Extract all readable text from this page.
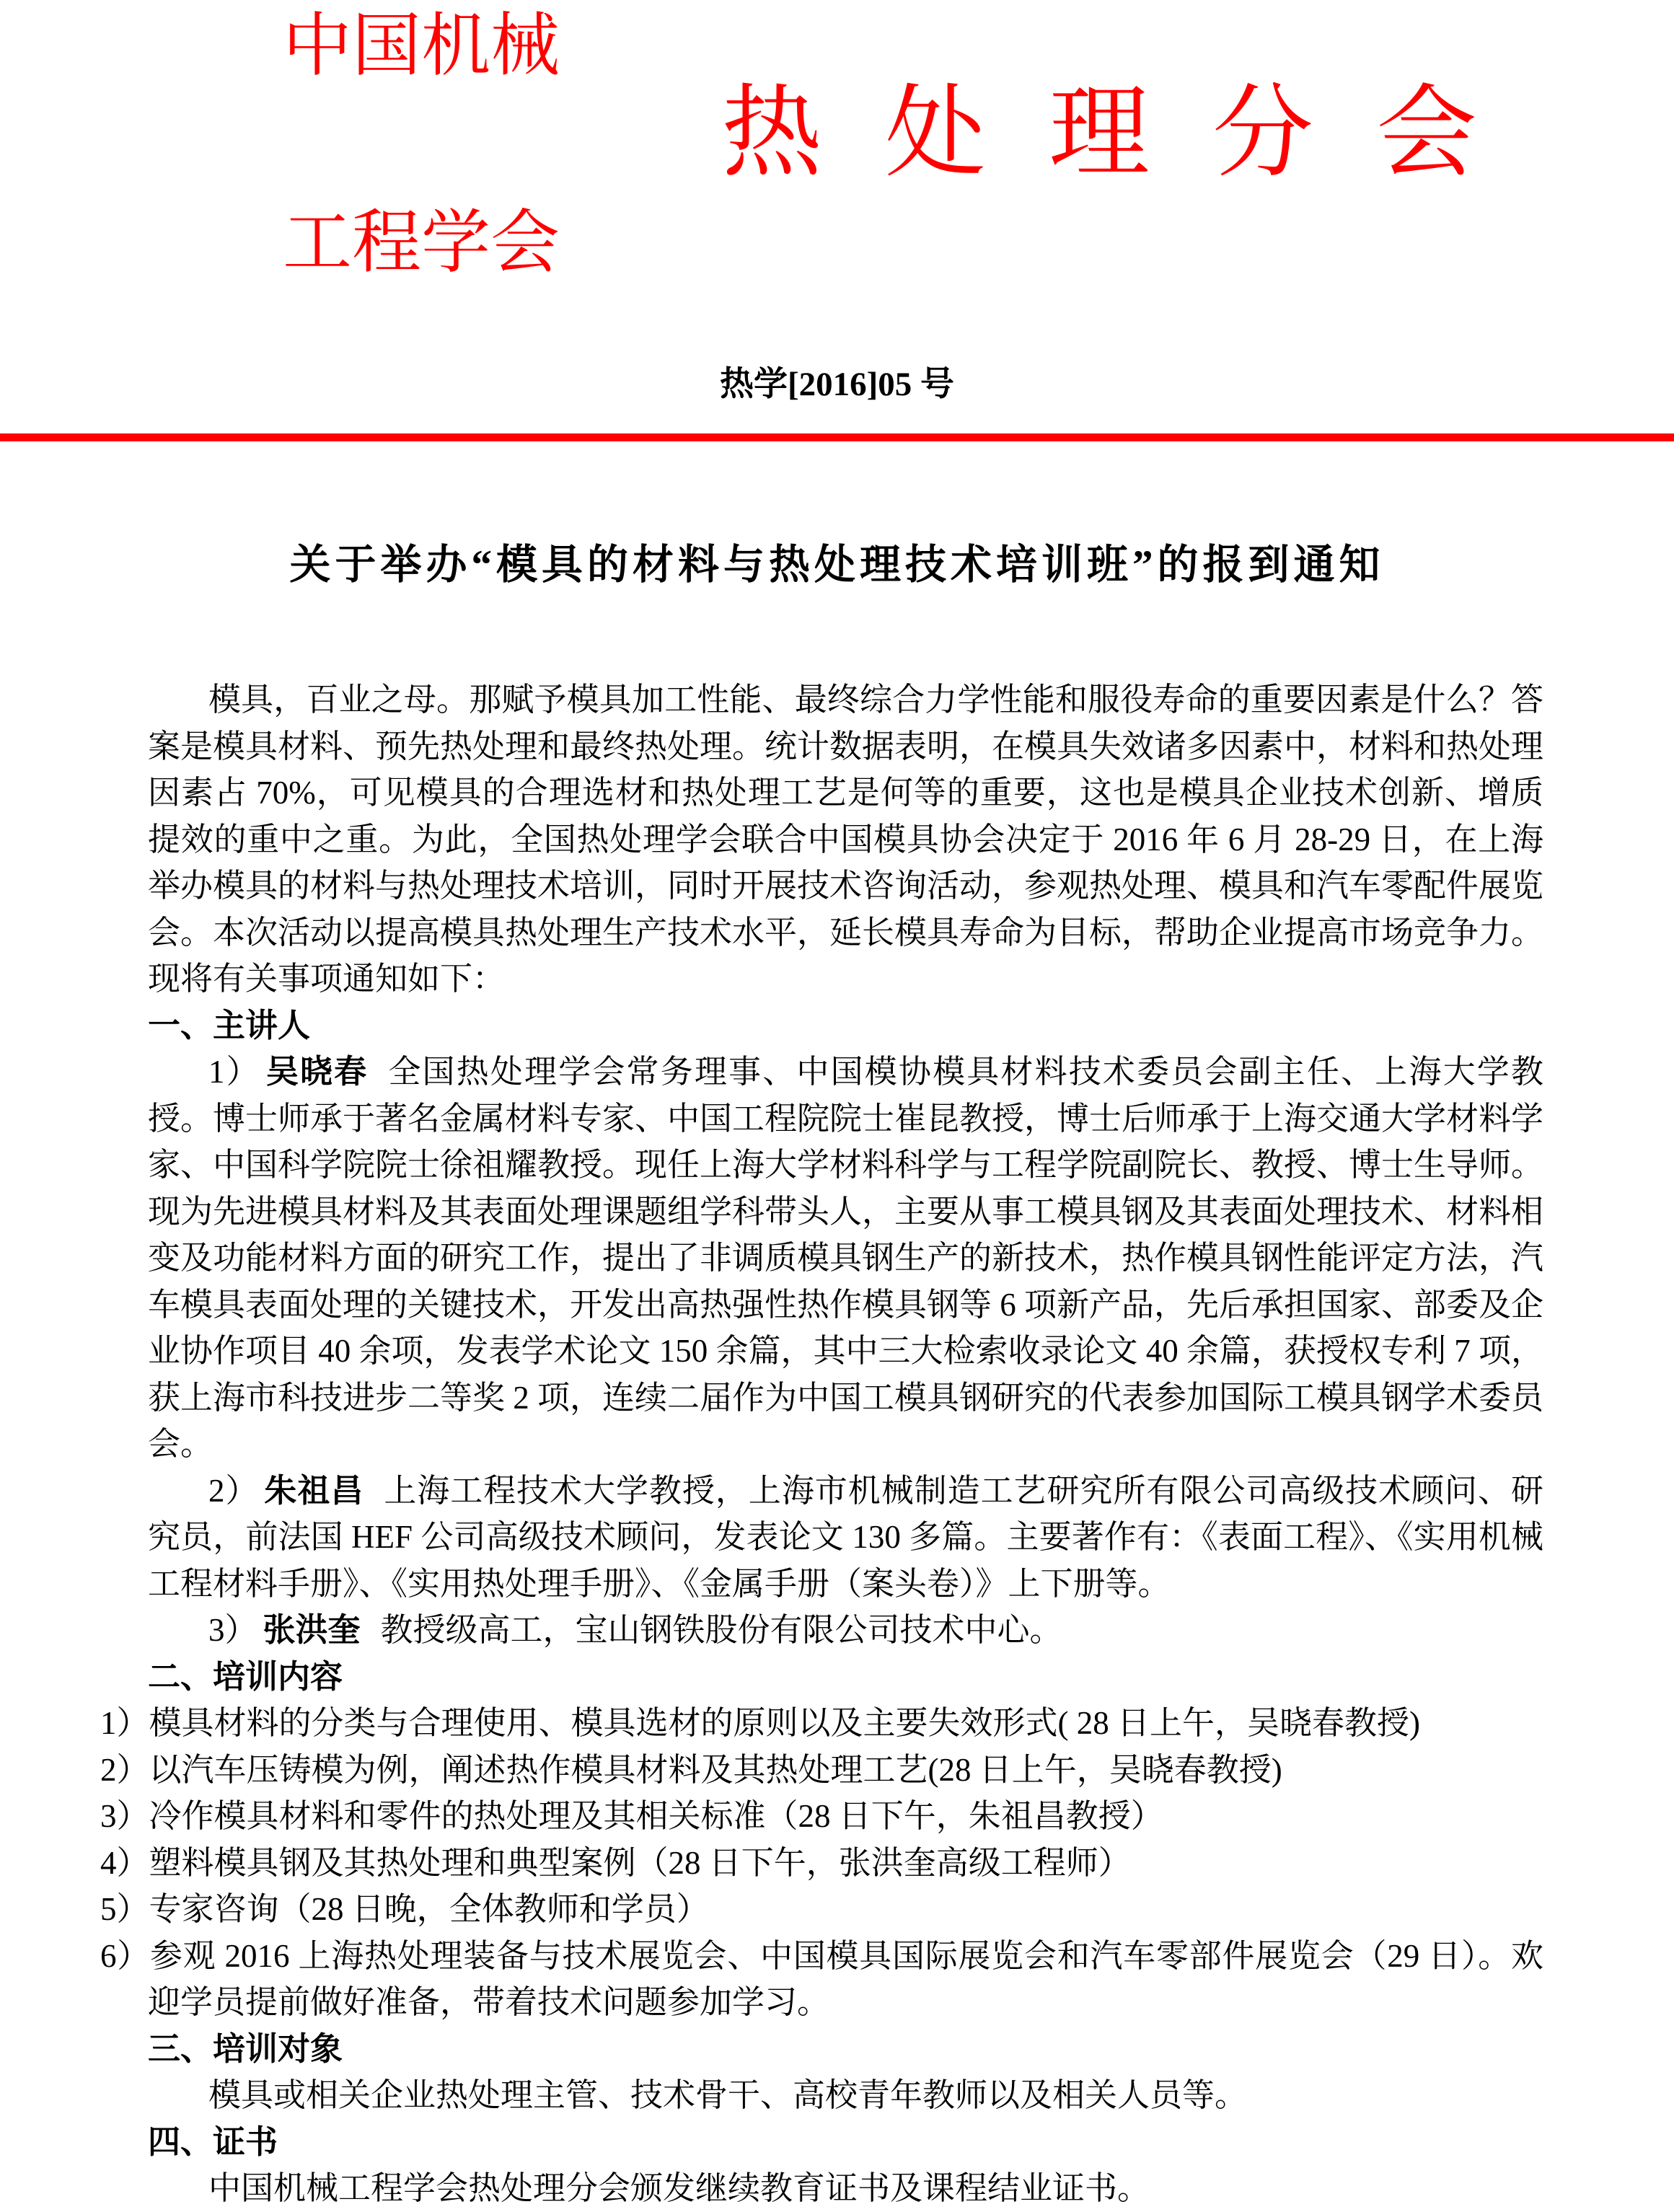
中国机械
工程学会
热 处 理 分 会
热学[2016]05 号
关于举办“模具的材料与热处理技术培训班”的报到通知

模具，百业之母。那赋予模具加工性能、最终综合力学性能和服役寿命的重要因素是什么？答案是模具材料、预先热处理和最终热处理。统计数据表明，在模具失效诸多因素中，材料和热处理因素占 70%，可见模具的合理选材和热处理工艺是何等的重要，这也是模具企业技术创新、增质提效的重中之重。为此，全国热处理学会联合中国模具协会决定于 2016 年 6 月 28-29 日，在上海举办模具的材料与热处理技术培训，同时开展技术咨询活动，参观热处理、模具和汽车零配件展览会。本次活动以提高模具热处理生产技术水平，延长模具寿命为目标，帮助企业提高市场竞争力。现将有关事项通知如下：

一、主讲人

1） 吴晓春 全国热处理学会常务理事、中国模协模具材料技术委员会副主任、上海大学教授。博士师承于著名金属材料专家、中国工程院院士崔昆教授，博士后师承于上海交通大学材料学家、中国科学院院士徐祖耀教授。现任上海大学材料科学与工程学院副院长、教授、博士生导师。现为先进模具材料及其表面处理课题组学科带头人，主要从事工模具钢及其表面处理技术、材料相变及功能材料方面的研究工作，提出了非调质模具钢生产的新技术，热作模具钢性能评定方法，汽车模具表面处理的关键技术，开发出高热强性热作模具钢等 6 项新产品，先后承担国家、部委及企业协作项目 40 余项，发表学术论文 150 余篇，其中三大检索收录论文 40 余篇，获授权专利 7 项，获上海市科技进步二等奖 2 项，连续二届作为中国工模具钢研究的代表参加国际工模具钢学术委员会。

2） 朱祖昌 上海工程技术大学教授，上海市机械制造工艺研究所有限公司高级技术顾问、研究员，前法国 HEF 公司高级技术顾问，发表论文 130 多篇。主要著作有：《表面工程》、《实用机械工程材料手册》、《实用热处理手册》、《金属手册（案头卷）》上下册等。

3） 张洪奎 教授级高工，宝山钢铁股份有限公司技术中心。

二、培训内容

1）模具材料的分类与合理使用、模具选材的原则以及主要失效形式( 28 日上午，吴晓春教授)

2）以汽车压铸模为例，阐述热作模具材料及其热处理工艺(28 日上午，吴晓春教授)

3）冷作模具材料和零件的热处理及其相关标准（28 日下午，朱祖昌教授）

4）塑料模具钢及其热处理和典型案例（28 日下午，张洪奎高级工程师）

5）专家咨询（28 日晚，全体教师和学员）

6）参观 2016 上海热处理装备与技术展览会、中国模具国际展览会和汽车零部件展览会（29 日）。欢迎学员提前做好准备，带着技术问题参加学习。

三、培训对象

模具或相关企业热处理主管、技术骨干、高校青年教师以及相关人员等。

四、证书

中国机械工程学会热处理分会颁发继续教育证书及课程结业证书。
